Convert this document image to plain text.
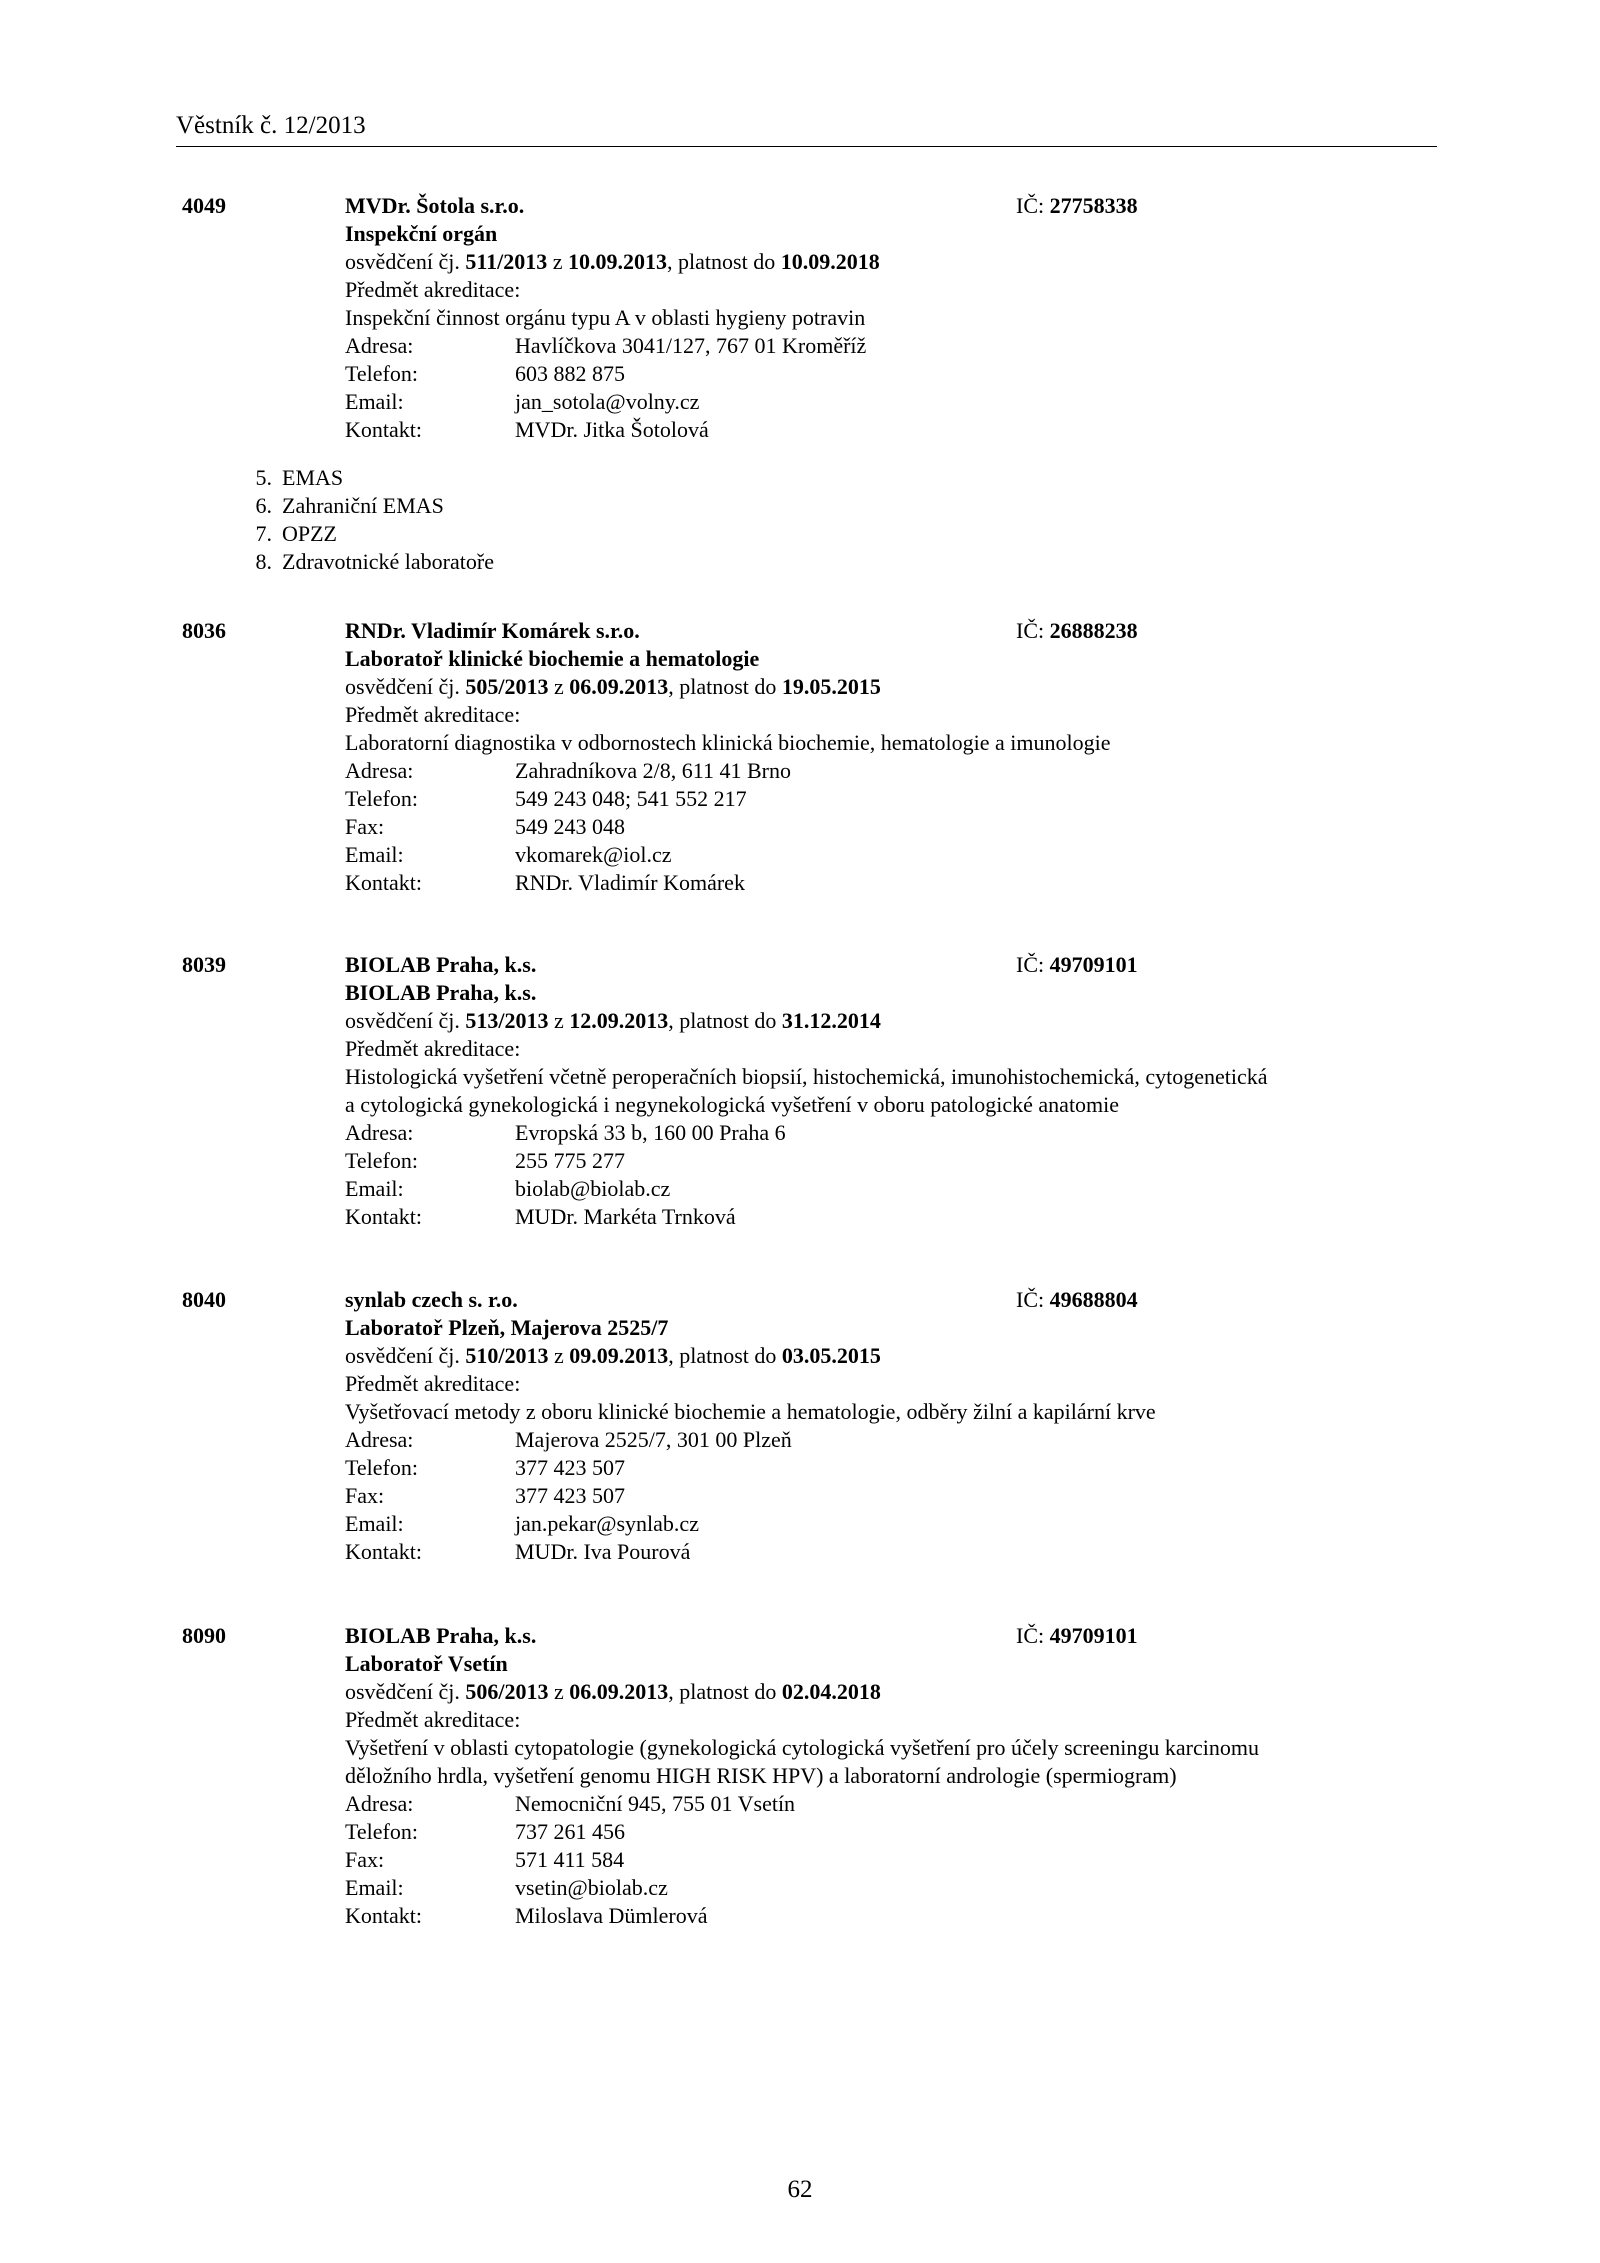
Věstník č. 12/2013
4049	MVDr. Šotola s.r.o.
Inspekční orgán
osvědčení čj. 511/2013 z 10.09.2013, platnost do 10.09.2018
Předmět akreditace:
Inspekční činnost orgánu typu A v oblasti hygieny potravin
Adresa:	Havlíčkova 3041/127, 767 01 Kroměříž
Telefon:	603 882 875
Email:	jan_sotola@volny.cz
Kontakt:	MVDr. Jitka Šotolová
IČ: 27758338
5. EMAS
6. Zahraniční EMAS
7. OPZZ
8. Zdravotnické laboratoře
8036	RNDr. Vladimír Komárek s.r.o.
Laboratoř klinické biochemie a hematologie
osvědčení čj. 505/2013 z 06.09.2013, platnost do 19.05.2015
Předmět akreditace:
Laboratorní diagnostika v odbornostech klinická biochemie, hematologie a imunologie
Adresa:	Zahradníkova 2/8, 611 41 Brno
Telefon:	549 243 048; 541 552 217
Fax:	549 243 048
Email:	vkomarek@iol.cz
Kontakt:	RNDr. Vladimír Komárek
IČ: 26888238
8039	BIOLAB Praha, k.s.
BIOLAB Praha, k.s.
osvědčení čj. 513/2013 z 12.09.2013, platnost do 31.12.2014
Předmět akreditace:
Histologická vyšetření včetně peroperačních biopsií, histochemická, imunohistochemická, cytogenetická
a cytologická gynekologická i negynekologická vyšetření v oboru patologické anatomie
Adresa:	Evropská 33 b, 160 00 Praha 6
Telefon:	255 775 277
Email:	biolab@biolab.cz
Kontakt:	MUDr. Markéta Trnková
IČ: 49709101
8040	synlab czech s. r.o.
Laboratoř Plzeň, Majerova 2525/7
osvědčení čj. 510/2013 z 09.09.2013, platnost do 03.05.2015
Předmět akreditace:
Vyšetřovací metody z oboru klinické biochemie a hematologie, odběry žilní a kapilární krve
Adresa:	Majerova 2525/7, 301 00 Plzeň
Telefon:	377 423 507
Fax:	377 423 507
Email:	jan.pekar@synlab.cz
Kontakt:	MUDr. Iva Pourová
IČ: 49688804
8090	BIOLAB Praha, k.s.
Laboratoř Vsetín
osvědčení čj. 506/2013 z 06.09.2013, platnost do 02.04.2018
Předmět akreditace:
Vyšetření v oblasti cytopatologie (gynekologická cytologická vyšetření pro účely screeningu karcinomu
děložního hrdla, vyšetření genomu HIGH RISK HPV) a laboratorní andrologie (spermiogram)
Adresa:	Nemocniční 945, 755 01 Vsetín
Telefon:	737 261 456
Fax:	571 411 584
Email:	vsetin@biolab.cz
Kontakt:	Miloslava Dümlerová
IČ: 49709101
62
